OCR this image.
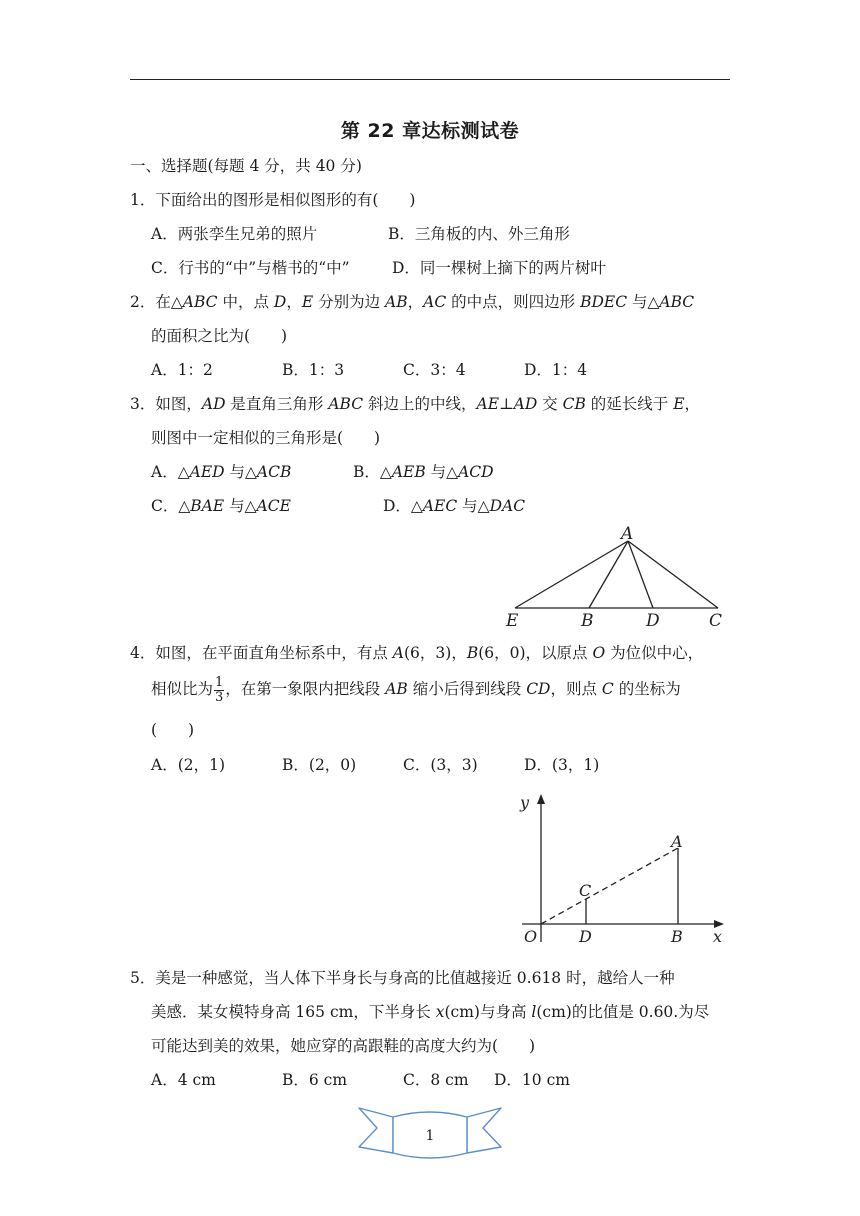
第 22 章达标测试卷
一、选择题(每题 4 分，共 40 分)
1．下面给出的图形是相似图形的有(　　)
A．两张孪生兄弟的照片	B．三角板的内、外三角形
C．行书的“中”与楷书的“中”	D．同一棵树上摘下的两片树叶
2．在△ABC 中，点 D，E 分别为边 AB，AC 的中点，则四边形 BDEC 与△ABC
的面积之比为(　　)
A．1：2	B．1：3	C．3：4	D．1：4
3．如图，AD 是直角三角形 ABC 斜边上的中线，AE⊥AD 交 CB 的延长线于 E，
则图中一定相似的三角形是(　　)
A．△AED 与△ACB	B．△AEB 与△ACD
C．△BAE 与△ACE	D．△AEC 与△DAC
A
E	B	D	C
4．如图，在平面直角坐标系中，有点 A(6，3)，B(6，0)，以原点 O 为位似中心，
相似比为 $\frac{1}{3}$ ，在第一象限内把线段 AB 缩小后得到线段 CD，则点 C 的坐标为
(　　)
A．(2，1)	B．(2，0)	C．(3，3)	D．(3，1)
y
x
O
A
B
C
D
5．美是一种感觉，当人体下半身长与身高的比值越接近 0.618 时，越给人一种
美感．某女模特身高 165 cm，下半身长 x(cm)与身高 l(cm)的比值是 0.60.为尽
可能达到美的效果，她应穿的高跟鞋的高度大约为(　　)
A．4 cm	B．6 cm	C．8 cm D．10 cm
1
